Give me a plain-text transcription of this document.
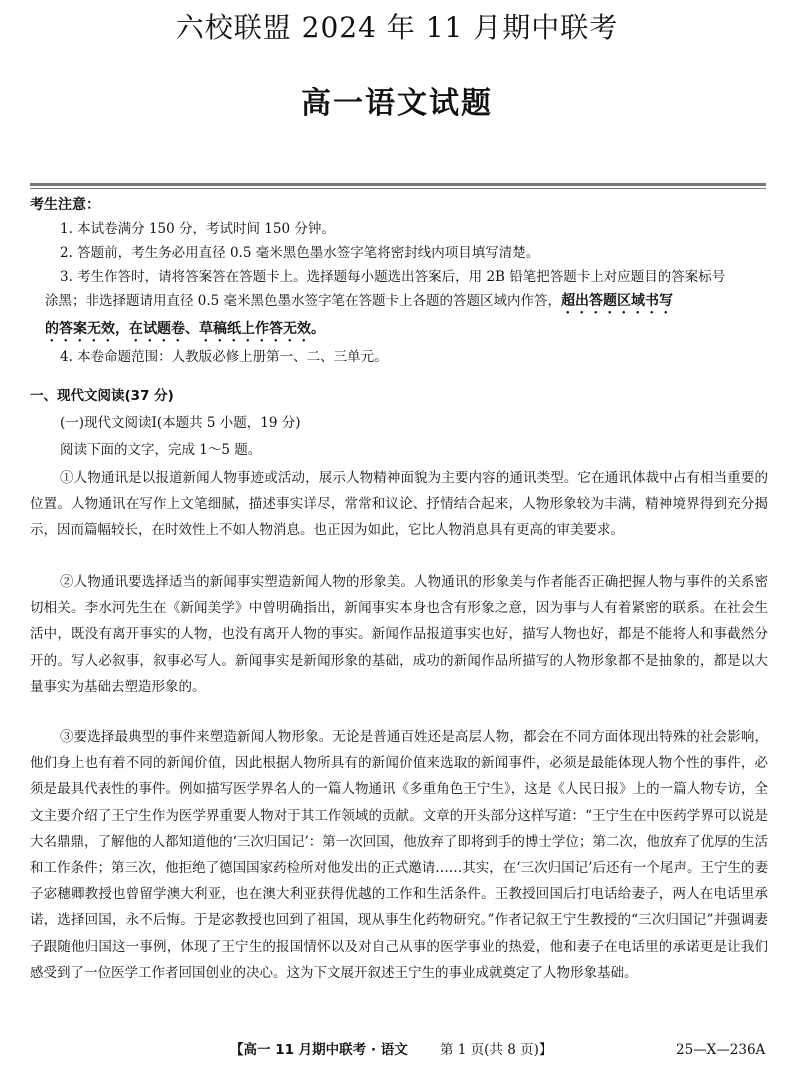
六校联盟 2024 年 11 月期中联考
高一语文试题
考生注意：
1. 本试卷满分 150 分，考试时间 150 分钟。
2. 答题前，考生务必用直径 0.5 毫米黑色墨水签字笔将密封线内项目填写清楚。
3. 考生作答时，请将答案答在答题卡上。选择题每小题选出答案后，用 2B 铅笔把答题卡上对应题目的答案标号
涂黑；非选择题请用直径 0.5 毫米黑色墨水签字笔在答题卡上各题的答题区域内作答，超出答题区域书写
的答案无效，在试题卷、草稿纸上作答无效。
4. 本卷命题范围：人教版必修上册第一、二、三单元。
一、现代文阅读(37 分)
(一)现代文阅读Ⅰ(本题共 5 小题，19 分)
阅读下面的文字，完成 1～5 题。

①人物通讯是以报道新闻人物事迹或活动，展示人物精神面貌为主要内容的通讯类型。它在通讯体裁中占有相当重要的位置。人物通讯在写作上文笔细腻，描述事实详尽，常常和议论、抒情结合起来，人物形象较为丰满，精神境界得到充分揭示，因而篇幅较长，在时效性上不如人物消息。也正因为如此，它比人物消息具有更高的审美要求。

②人物通讯要选择适当的新闻事实塑造新闻人物的形象美。人物通讯的形象美与作者能否正确把握人物与事件的关系密切相关。李水河先生在《新闻美学》中曾明确指出，新闻事实本身也含有形象之意，因为事与人有着紧密的联系。在社会生活中，既没有离开事实的人物，也没有离开人物的事实。新闻作品报道事实也好，描写人物也好，都是不能将人和事截然分开的。写人必叙事，叙事必写人。新闻事实是新闻形象的基础，成功的新闻作品所描写的人物形象都不是抽象的，都是以大量事实为基础去塑造形象的。

③要选择最典型的事件来塑造新闻人物形象。无论是普通百姓还是高层人物，都会在不同方面体现出特殊的社会影响，他们身上也有着不同的新闻价值，因此根据人物所具有的新闻价值来选取的新闻事件，必须是最能体现人物个性的事件，必须是最具代表性的事件。例如描写医学界名人的一篇人物通讯《多重角色王宁生》，这是《人民日报》上的一篇人物专访，全文主要介绍了王宁生作为医学界重要人物对于其工作领域的贡献。文章的开头部分这样写道：“王宁生在中医药学界可以说是大名鼎鼎，了解他的人都知道他的‘三次归国记’：第一次回国，他放弃了即将到手的博士学位；第二次，他放弃了优厚的生活和工作条件；第三次，他拒绝了德国国家药检所对他发出的正式邀请……其实，在‘三次归国记’后还有一个尾声。王宁生的妻子宓穗卿教授也曾留学澳大利亚，也在澳大利亚获得优越的工作和生活条件。王教授回国后打电话给妻子，两人在电话里承诺，选择回国，永不后悔。于是宓教授也回到了祖国，现从事生化药物研究。”作者记叙王宁生教授的“三次归国记”并强调妻子跟随他归国这一事例，体现了王宁生的报国情怀以及对自己从事的医学事业的热爱，他和妻子在电话里的承诺更是让我们感受到了一位医学工作者回国创业的决心。这为下文展开叙述王宁生的事业成就奠定了人物形象基础。

【高一 11 月期中联考 · 语文 第 1 页(共 8 页)】	25—X—236A
